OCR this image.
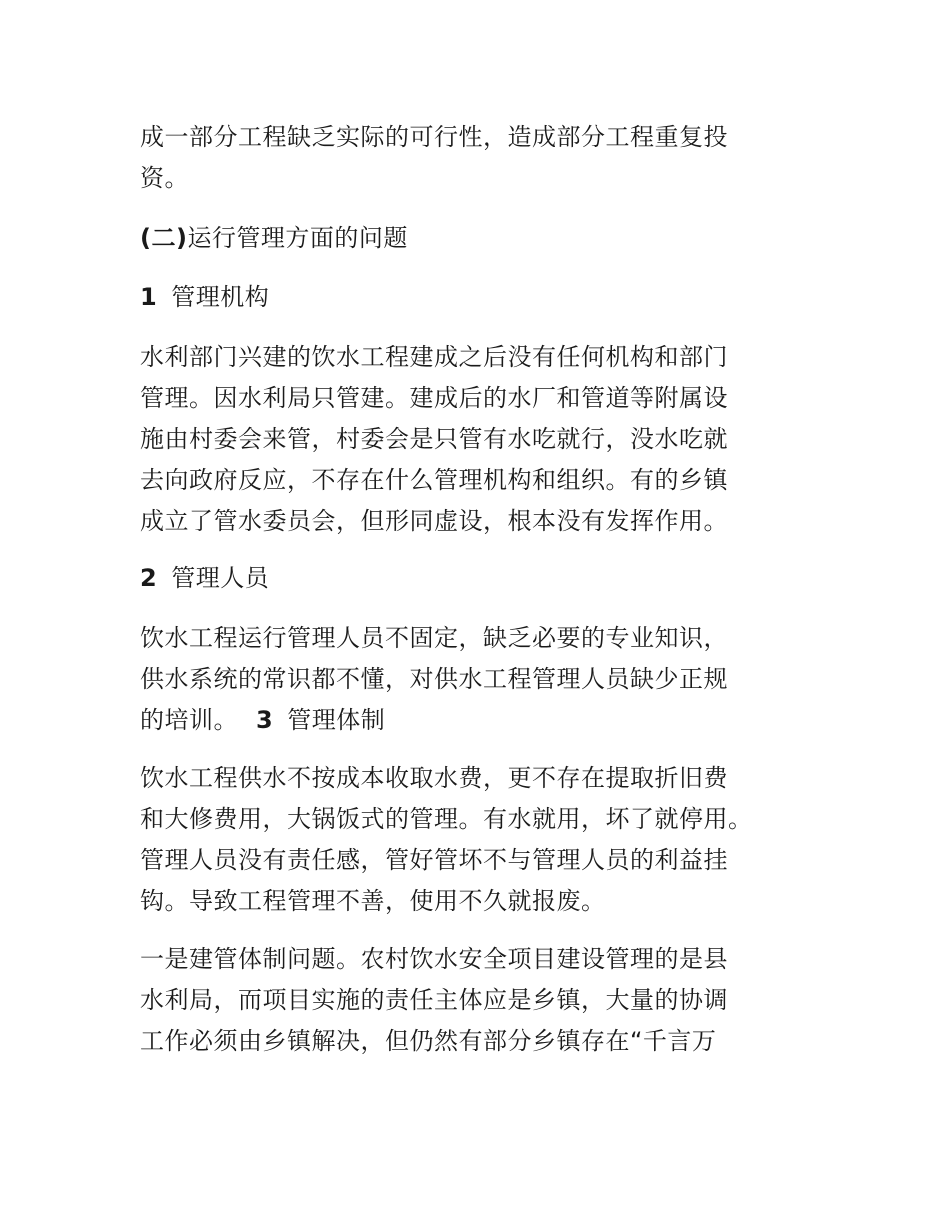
成一部分工程缺乏实际的可行性，造成部分工程重复投
资。
(二)运行管理方面的问题
1 管理机构
水利部门兴建的饮水工程建成之后没有任何机构和部门
管理。因水利局只管建。建成后的水厂和管道等附属设
施由村委会来管，村委会是只管有水吃就行，没水吃就
去向政府反应，不存在什么管理机构和组织。有的乡镇
成立了管水委员会，但形同虚设，根本没有发挥作用。
2 管理人员
饮水工程运行管理人员不固定，缺乏必要的专业知识，
供水系统的常识都不懂，对供水工程管理人员缺少正规
的培训。 3 管理体制
饮水工程供水不按成本收取水费，更不存在提取折旧费
和大修费用，大锅饭式的管理。有水就用，坏了就停用。
管理人员没有责任感，管好管坏不与管理人员的利益挂
钩。导致工程管理不善，使用不久就报废。
一是建管体制问题。农村饮水安全项目建设管理的是县
水利局，而项目实施的责任主体应是乡镇，大量的协调
工作必须由乡镇解决，但仍然有部分乡镇存在“千言万
